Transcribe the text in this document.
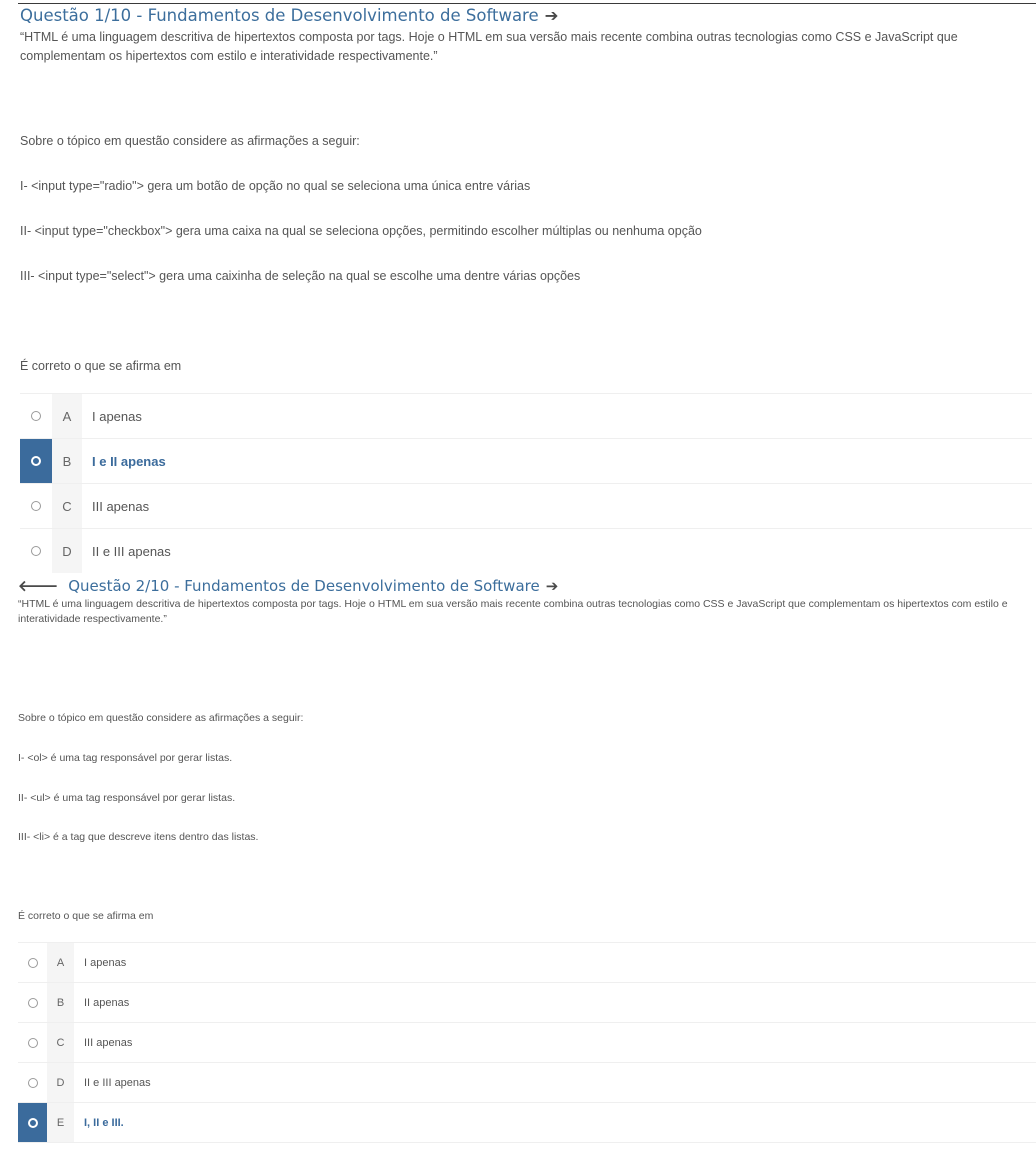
Questão 1/10 - Fundamentos de Desenvolvimento de Software ➔
“HTML é uma linguagem descritiva de hipertextos composta por tags. Hoje o HTML em sua versão mais recente combina outras tecnologias como CSS e JavaScript que complementam os hipertextos com estilo e interatividade respectivamente.”
Sobre o tópico em questão considere as afirmações a seguir:
I- <input type="radio"> gera um botão de opção no qual se seleciona uma única entre várias
II- <input type="checkbox"> gera uma caixa na qual se seleciona opções, permitindo escolher múltiplas ou nenhuma opção
III- <input type="select"> gera uma caixinha de seleção na qual se escolhe uma dentre várias opções
É correto o que se afirma em
A	I apenas
B	I e II apenas
C	III apenas
D	II e III apenas
🡐 Questão 2/10 - Fundamentos de Desenvolvimento de Software ➔
“HTML é uma linguagem descritiva de hipertextos composta por tags. Hoje o HTML em sua versão mais recente combina outras tecnologias como CSS e JavaScript que complementam os hipertextos com estilo e interatividade respectivamente.”
Sobre o tópico em questão considere as afirmações a seguir:
I- <ol> é uma tag responsável por gerar listas.
II- <ul> é uma tag responsável por gerar listas.
III- <li> é a tag que descreve itens dentro das listas.
É correto o que se afirma em
A	I apenas
B	II apenas
C	III apenas
D	II e III apenas
E	I, II e III.
